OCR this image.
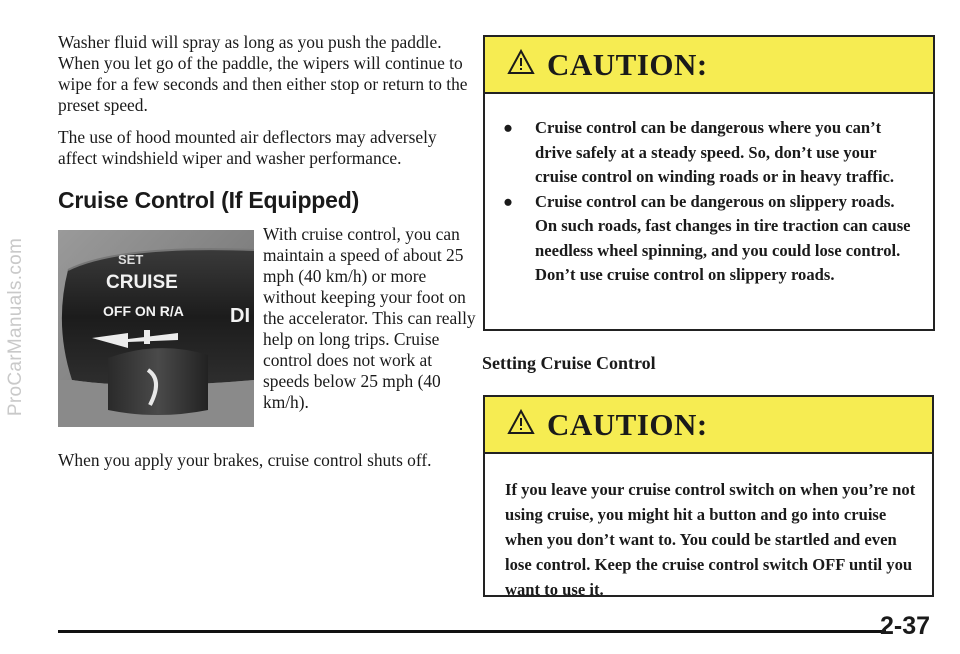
ProCarManuals.com

Washer fluid will spray as long as you push the paddle. When you let go of the paddle, the wipers will continue to wipe for a few seconds and then either stop or return to the preset speed.

The use of hood mounted air deflectors may adversely affect windshield wiper and washer performance.

Cruise Control (If Equipped)
SET
CRUISE
OFF ON R/A DI
With cruise control, you can maintain a speed of about 25 mph (40 km/h) or more without keeping your foot on the accelerator. This can really help on long trips. Cruise control does not work at speeds below 25 mph (40 km/h).
When you apply your brakes, cruise control shuts off.
CAUTION:
● Cruise control can be dangerous where you can’t drive safely at a steady speed. So, don’t use your cruise control on winding roads or in heavy traffic.
● Cruise control can be dangerous on slippery roads. On such roads, fast changes in tire traction can cause needless wheel spinning, and you could lose control. Don’t use cruise control on slippery roads.
Setting Cruise Control
CAUTION:
If you leave your cruise control switch on when you’re not using cruise, you might hit a button and go into cruise when you don’t want to. You could be startled and even lose control. Keep the cruise control switch OFF until you want to use it.
2-37
